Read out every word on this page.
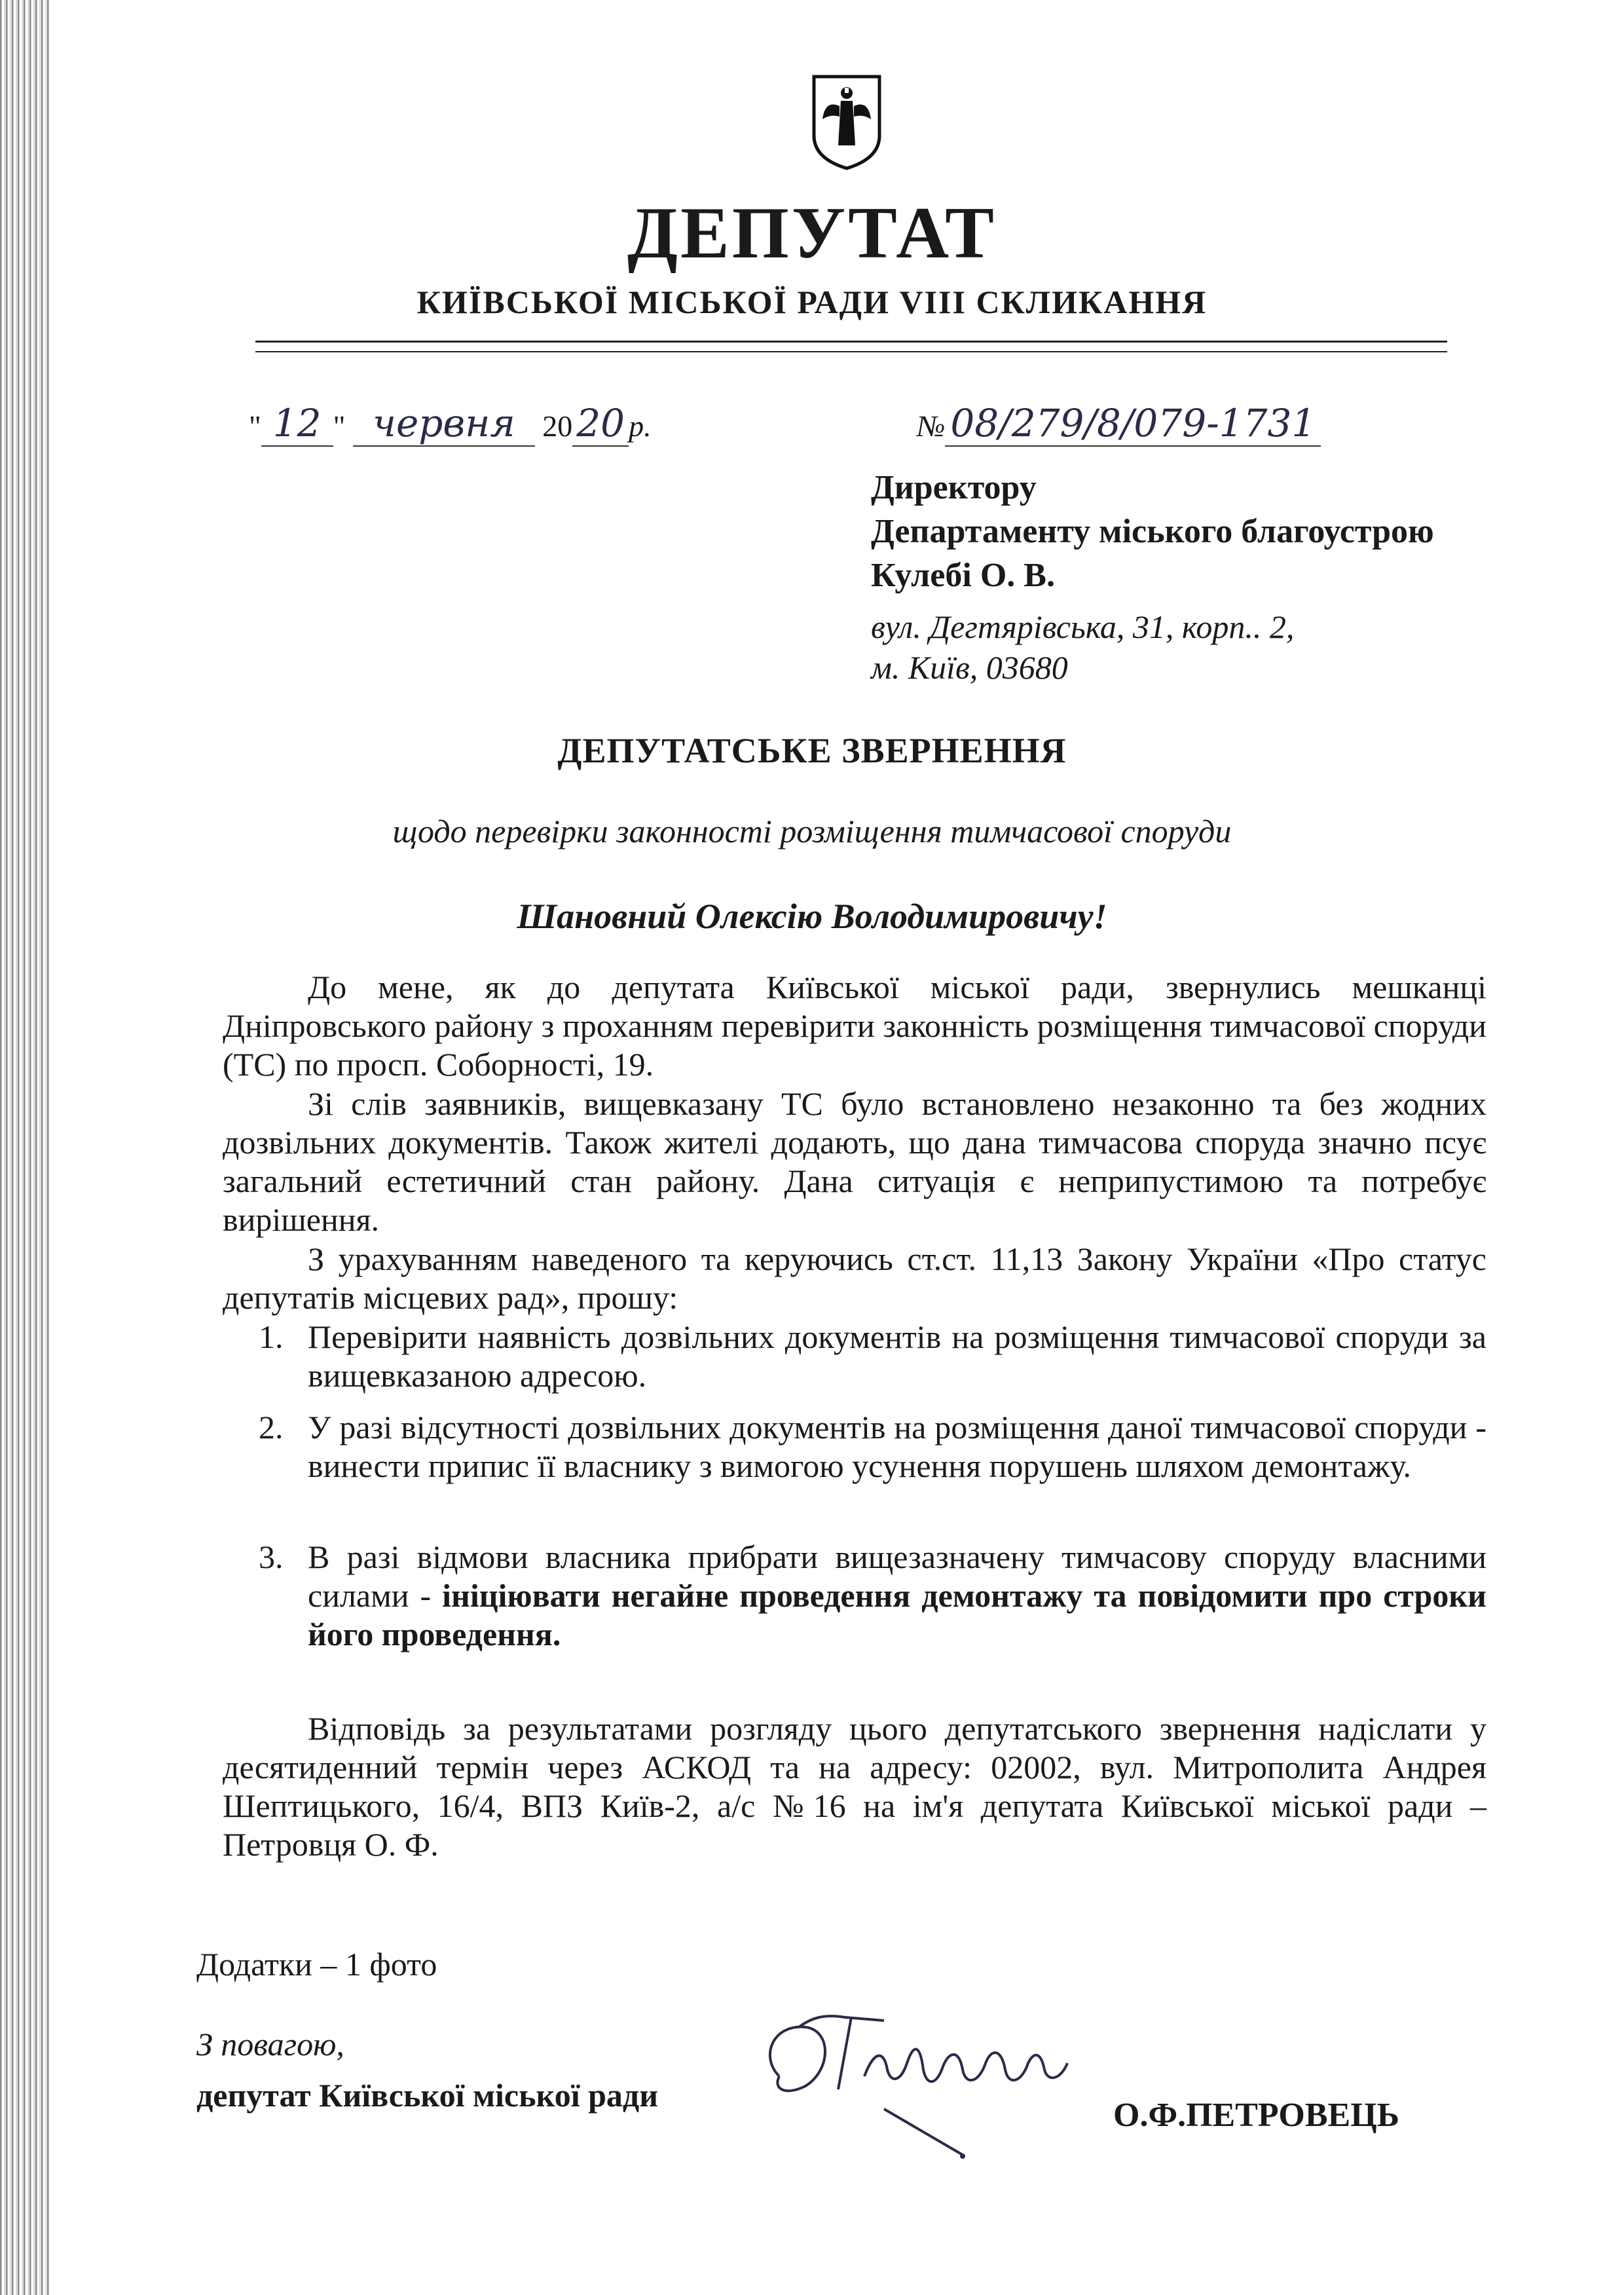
ДЕПУТАТ
КИЇВСЬКОЇ МІСЬКОЇ РАДИ VIII СКЛИКАННЯ
" 12 " червня 20 20 р.	№ 08/279/8/079-1731
Директору
Департаменту міського благоустрою
Кулебі О. В.
вул. Дегтярівська, 31, корп.. 2,
м. Київ, 03680
ДЕПУТАТСЬКЕ ЗВЕРНЕННЯ
щодо перевірки законності розміщення тимчасової споруди
Шановний Олексію Володимировичу!
До мене, як до депутата Київської міської ради, звернулись мешканці Дніпровського району з проханням перевірити законність розміщення тимчасової споруди (ТС) по просп. Соборності, 19.
Зі слів заявників, вищевказану ТС було встановлено незаконно та без жодних дозвільних документів. Також жителі додають, що дана тимчасова споруда значно псує загальний естетичний стан району. Дана ситуація є неприпустимою та потребує вирішення.
З урахуванням наведеного та керуючись ст.ст. 11,13 Закону України «Про статус депутатів місцевих рад», прошу:
1. Перевірити наявність дозвільних документів на розміщення тимчасової споруди за вищевказаною адресою.
2. У разі відсутності дозвільних документів на розміщення даної тимчасової споруди - винести припис її власнику з вимогою усунення порушень шляхом демонтажу.
3. В разі відмови власника прибрати вищезазначену тимчасову споруду власними силами - ініціювати негайне проведення демонтажу та повідомити про строки його проведення.
Відповідь за результатами розгляду цього депутатського звернення надіслати у десятиденний термін через АСКОД та на адресу: 02002, вул. Митрополита Андрея Шептицького, 16/4, ВПЗ Київ-2, а/с №16 на ім'я депутата Київської міської ради – Петровця О. Ф.
Додатки – 1 фото
З повагою,
депутат Київської міської ради
О.Ф.ПЕТРОВЕЦЬ
